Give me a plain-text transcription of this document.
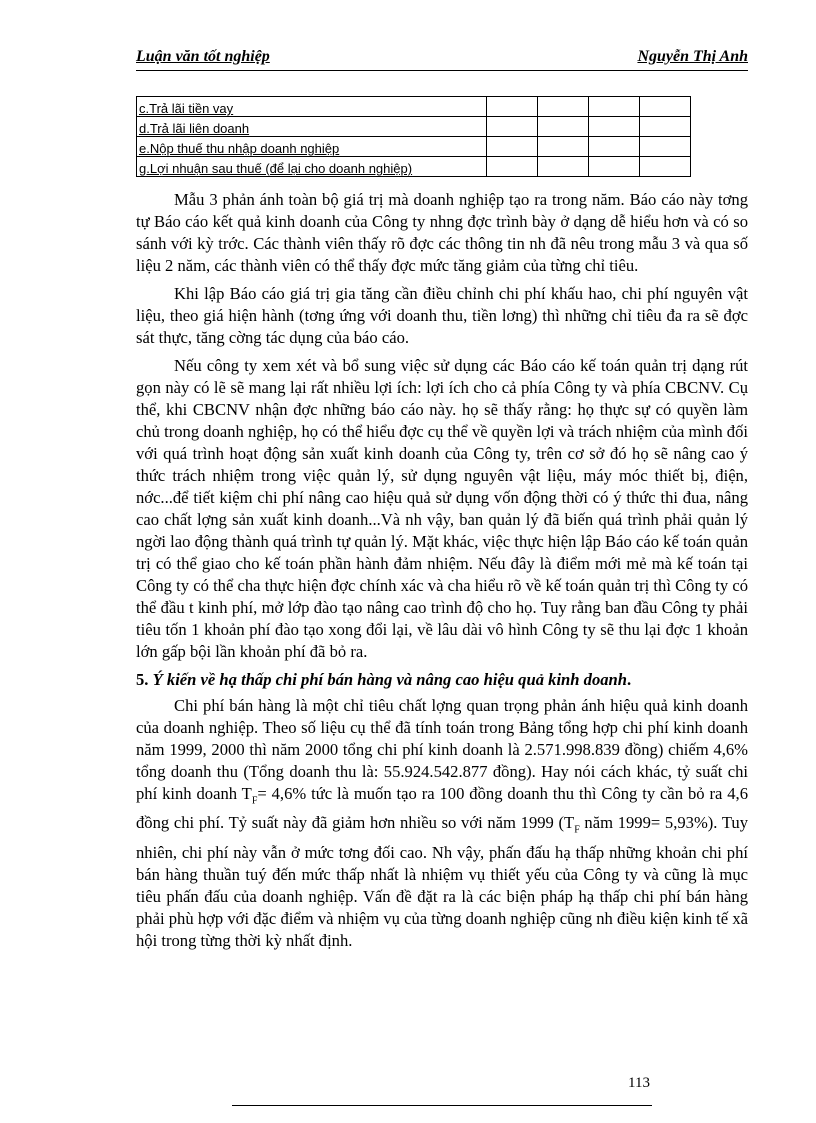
Luận văn tốt nghiệp	Nguyễn Thị Anh
c.Trả lãi tiền vay				
d.Trả lãi liên doanh				
e.Nộp thuế thu nhập doanh nghiệp				
g.Lợi nhuận sau thuế (để lại cho doanh nghiệp)				

Mẫu 3 phản ánh toàn bộ giá trị mà doanh nghiệp tạo ra trong năm. Báo cáo này tơng tự Báo cáo kết quả kinh doanh của Công ty nhng đợc trình bày ở dạng dễ hiểu hơn và có so sánh với kỳ trớc. Các thành viên thấy rõ đợc các thông tin nh đã nêu trong mẫu 3 và qua số liệu 2 năm, các thành viên có thể thấy đợc mức tăng giảm của từng chỉ tiêu.

Khi lập Báo cáo giá trị gia tăng cần điều chỉnh chi phí khấu hao, chi phí nguyên vật liệu, theo giá hiện hành (tơng ứng với doanh thu, tiền lơng) thì những chỉ tiêu đa ra sẽ đợc sát thực, tăng cờng tác dụng của báo cáo.

Nếu công ty xem xét và bổ sung việc sử dụng các Báo cáo kế toán quản trị dạng rút gọn này có lẽ sẽ mang lại rất nhiều lợi ích: lợi ích cho cả phía Công ty và phía CBCNV. Cụ thể, khi CBCNV nhận đợc những báo cáo này. họ sẽ thấy rằng: họ thực sự có quyền làm chủ trong doanh nghiệp, họ có thể hiểu đợc cụ thể về quyền lợi và trách nhiệm của mình đối với quá trình hoạt động sản xuất kinh doanh của Công ty, trên cơ sở đó họ sẽ nâng cao ý thức trách nhiệm trong việc quản lý, sử dụng nguyên vật liệu, máy móc thiết bị, điện, nớc...để tiết kiệm chi phí nâng cao hiệu quả sử dụng vốn động thời có ý thức thi đua, nâng cao chất lợng sản xuất kinh doanh...Và nh vậy, ban quản lý đã biến quá trình phải quản lý ngời lao động thành quá trình tự quản lý. Mặt khác, việc thực hiện lập Báo cáo kế toán quản trị có thể giao cho kế toán phần hành đảm nhiệm. Nếu đây là điểm mới mẻ mà kế toán tại Công ty có thể cha thực hiện đợc chính xác và cha hiểu rõ về kế toán quản trị thì Công ty có thể đầu t kinh phí, mở lớp đào tạo nâng cao trình độ cho họ. Tuy rằng ban đầu Công ty phải tiêu tốn 1 khoản phí đào tạo xong đổi lại, về lâu dài vô hình Công ty sẽ thu lại đợc 1 khoản lớn gấp bội lần khoản phí đã bỏ ra.

5. Ý kiến về hạ thấp chi phí bán hàng và nâng cao hiệu quả kinh doanh.

Chi phí bán hàng là một chỉ tiêu chất lợng quan trọng phản ánh hiệu quả kinh doanh của doanh nghiệp. Theo số liệu cụ thể đã tính toán trong Bảng tổng hợp chi phí kinh doanh năm 1999, 2000 thì năm 2000 tổng chi phí kinh doanh là 2.571.998.839 đồng) chiếm 4,6% tổng doanh thu (Tổng doanh thu là: 55.924.542.877 đồng). Hay nói cách khác, tỷ suất chi phí kinh doanh $T_F= 4,6\%$ tức là muốn tạo ra 100 đồng doanh thu thì Công ty cần bỏ ra 4,6 đồng chi phí. Tỷ suất này đã giảm hơn nhiều so với năm 1999 ($T_F$ năm 1999= 5,93%). Tuy nhiên, chi phí này vẫn ở mức tơng đối cao. Nh vậy, phấn đấu hạ thấp những khoản chi phí bán hàng thuần tuý đến mức thấp nhất là nhiệm vụ thiết yếu của Công ty và cũng là mục tiêu phấn đấu của doanh nghiệp. Vấn đề đặt ra là các biện pháp hạ thấp chi phí bán hàng phải phù hợp với đặc điểm và nhiệm vụ của từng doanh nghiệp cũng nh điều kiện kinh tế xã hội trong từng thời kỳ nhất định.

113
